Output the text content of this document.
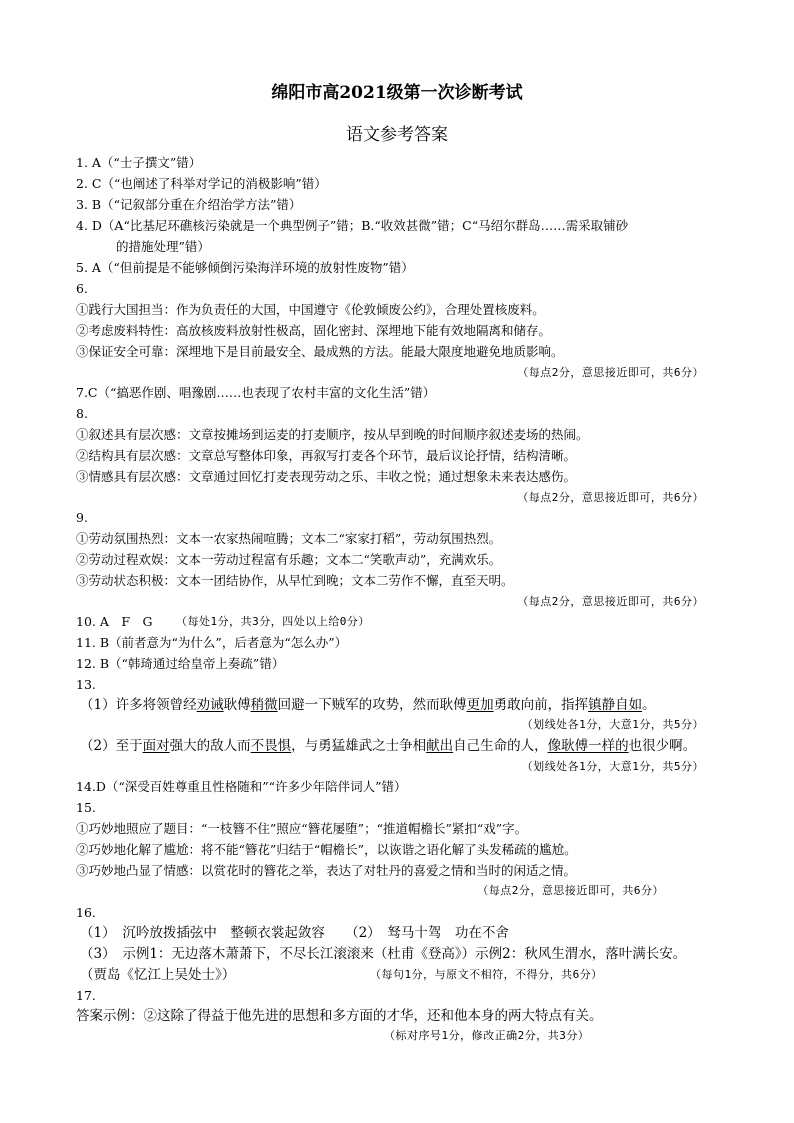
绵阳市高2021级第一次诊断考试
语文参考答案
1. A（“士子撰文”错）
2. C（“也阐述了科举对学记的消极影响”错）
3. B（“记叙部分重在介绍治学方法”错）
4. D（A“比基尼环礁核污染就是一个典型例子”错；B.“收效甚微”错；C“马绍尔群岛……需采取铺砂
的措施处理”错）
5. A（“但前提是不能够倾倒污染海洋环境的放射性废物”错）
6.
①践行大国担当：作为负责任的大国，中国遵守《伦敦倾废公约》，合理处置核废料。
②考虑废料特性：高放核废料放射性极高，固化密封、深埋地下能有效地隔离和储存。
③保证安全可靠：深埋地下是目前最安全、最成熟的方法。能最大限度地避免地质影响。
（每点2分，意思接近即可，共6分）
7.C（“搞恶作剧、唱豫剧……也表现了农村丰富的文化生活”错）
8.
①叙述具有层次感：文章按摊场到运麦的打麦顺序，按从早到晚的时间顺序叙述麦场的热闹。
②结构具有层次感：文章总写整体印象，再叙写打麦各个环节，最后议论抒情，结构清晰。
③情感具有层次感：文章通过回忆打麦表现劳动之乐、丰收之悦；通过想象未来表达感伤。
（每点2分，意思接近即可，共6分）
9.
①劳动氛围热烈：文本一农家热闹喧腾；文本二“家家打稻”，劳动氛围热烈。
②劳动过程欢娱：文本一劳动过程富有乐趣；文本二“笑歌声动”，充满欢乐。
③劳动状态积极：文本一团结协作，从早忙到晚；文本二劳作不懈，直至天明。
（每点2分，意思接近即可，共6分）
10. A　F　G （每处1分，共3分，四处以上给0分）
11. B（前者意为“为什么”，后者意为“怎么办”）
12. B（“韩琦通过给皇帝上奏疏”错）
13.
（1）许多将领曾经劝诫耿傅稍微回避一下贼军的攻势，然而耿傅更加勇敢向前，指挥镇静自如。
（划线处各1分，大意1分，共5分）
（2）至于面对强大的敌人而不畏惧，与勇猛雄武之士争相献出自己生命的人，像耿傅一样的也很少啊。
（划线处各1分，大意1分，共5分）
14.D（“深受百姓尊重且性格随和”“许多少年陪伴词人”错）
15.
①巧妙地照应了题目：“一枝簪不住”照应“簪花屡堕”；“推道帽檐长”紧扣“戏”字。
②巧妙地化解了尴尬：将不能“簪花”归结于“帽檐长”，以诙谐之语化解了头发稀疏的尴尬。
③巧妙地凸显了情感：以赏花时的簪花之举，表达了对牡丹的喜爱之情和当时的闲适之情。
（每点2分，意思接近即可，共6分）
16.
（1）　沉吟放拨插弦中　整顿衣裳起敛容　　（2）　驽马十驾　功在不舍
（3）　示例1：无边落木萧萧下，不尽长江滚滚来（杜甫《登高》）示例2：秋风生渭水，落叶满长安。
（贾岛《忆江上吴处士》）	（每句1分，与原文不相符，不得分，共6分）
17.
答案示例：②这除了得益于他先进的思想和多方面的才华，还和他本身的两大特点有关。
（标对序号1分，修改正确2分，共3分）
